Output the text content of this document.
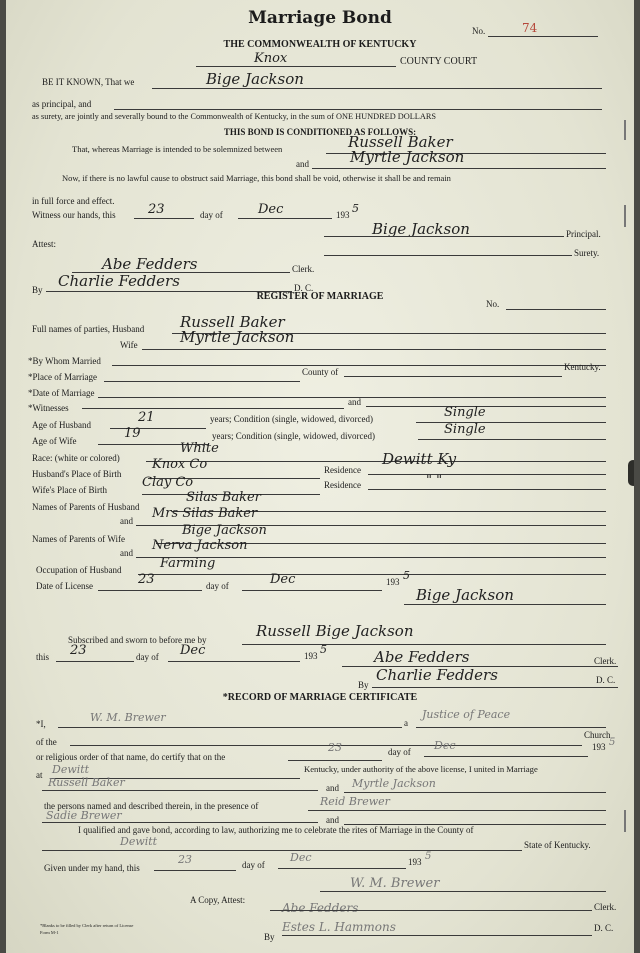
Marriage Bond
No.	74
THE COMMONWEALTH OF KENTUCKY
Knox	COUNTY COURT
BE IT KNOWN, That we	Bige Jackson
as principal, and
as surety, are jointly and severally bound to the Commonwealth of Kentucky, in the sum of ONE HUNDRED DOLLARS
THIS BOND IS CONDITIONED AS FOLLOWS:
That, whereas Marriage is intended to be solemnized between	Russell Baker
and	Myrtle Jackson
Now, if there is no lawful cause to obstruct said Marriage, this bond shall be void, otherwise it shall be and remain
in full force and effect.
Witness our hands, this 23	day of	Dec	193 5
Bige Jackson	Principal.
Attest:
Surety.
Abe Fedders	Clerk.
By Charlie Fedders	D. C.
REGISTER OF MARRIAGE
No.
Full names of parties, Husband Russell Baker
Wife	Myrtle Jackson
*By Whom Married
*Place of Marriage	County of	Kentucky.
*Date of Marriage
*Witnesses
and
Age of Husband	21	years; Condition (single, widowed, divorced)	Single
Age of Wife	19	years; Condition (single, widowed, divorced)	Single
Race: (white or colored)
White
Husband's Place of Birth
Knox Co	Residence
Dewitt Ky
Wife's Place of Birth	Clay Co	Residence	" "
Names of Parents of Husband
Silas Baker
and Mrs Silas Baker
Names of Parents of Wife
Bige Jackson
and Nerva Jackson
Occupation of Husband	Farming
Date of License	23	day of	Dec	193 5
Bige Jackson
Subscribed and sworn to before me by	Russell Bige Jackson
this 23	day of Dec	193 5	Abe Fedders	Clerk.
By
Charlie Fedders	D. C.
*RECORD OF MARRIAGE CERTIFICATE
*I,	W. M. Brewer	a
Justice of Peace
of the
Church
or religious order of that name, do certify that on the
23	day of Dec	193 5
at Dewitt	Kentucky, under authority of the above license, I united in Marriage
Russell Baker	and Myrtle Jackson
the persons named and described therein, in the presence of	Reid Brewer
Sadie Brewer	and
I qualified and gave bond, according to law, authorizing me to celebrate the rites of Marriage in the County of
Dewitt	State of Kentucky.
Given under my hand, this
23	day of
Dec	193 5
W. M. Brewer
A Copy, Attest:
Abe Fedders	Clerk.
By
Estes L. Hammons	D. C.
*Blanks to be filled by Clerk after return of License
Form M-1
